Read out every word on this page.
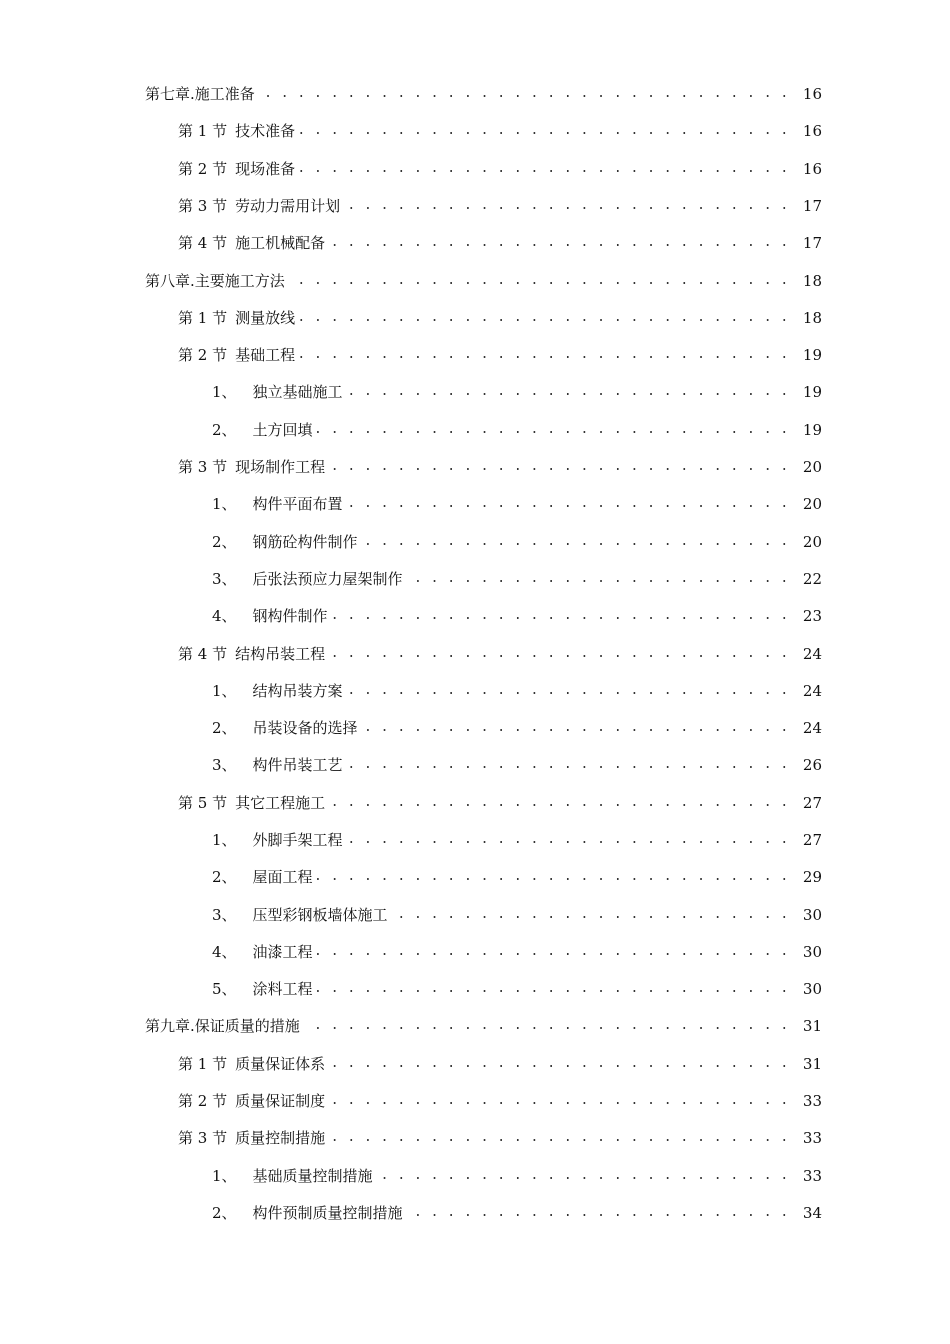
. . .
第七章.施工准备	16
. . .
第 1 节 技术准备	16
. . .
第 2 节 现场准备	16
. . .
第 3 节 劳动力需用计划	17
. . .
第 4 节 施工机械配备	17
. . .
第八章.主要施工方法	18
. . .
第 1 节 测量放线	18
. . .
第 2 节 基础工程	19
. . .
1、 独立基础施工	19
. . .
2、 土方回填	19
. . .
第 3 节 现场制作工程	20
. . .
1、 构件平面布置	20
. . .
2、 钢筋砼构件制作	20
. . .
3、 后张法预应力屋架制作	22
. . .
4、 钢构件制作	23
. . .
第 4 节 结构吊装工程	24
. . .
1、 结构吊装方案	24
. . .
2、 吊装设备的选择	24
. . .
3、 构件吊装工艺	26
. . .
第 5 节 其它工程施工	27
. . .
1、 外脚手架工程	27
. . .
2、 屋面工程	29
. . .
3、 压型彩钢板墙体施工	30
. . .
4、 油漆工程	30
. . .
5、 涂料工程	30
. . .
第九章.保证质量的措施	31
. . .
第 1 节 质量保证体系	31
. . .
第 2 节 质量保证制度	33
. . .
第 3 节 质量控制措施	33
. . .
1、 基础质量控制措施	33
. . .
2、 构件预制质量控制措施	34
